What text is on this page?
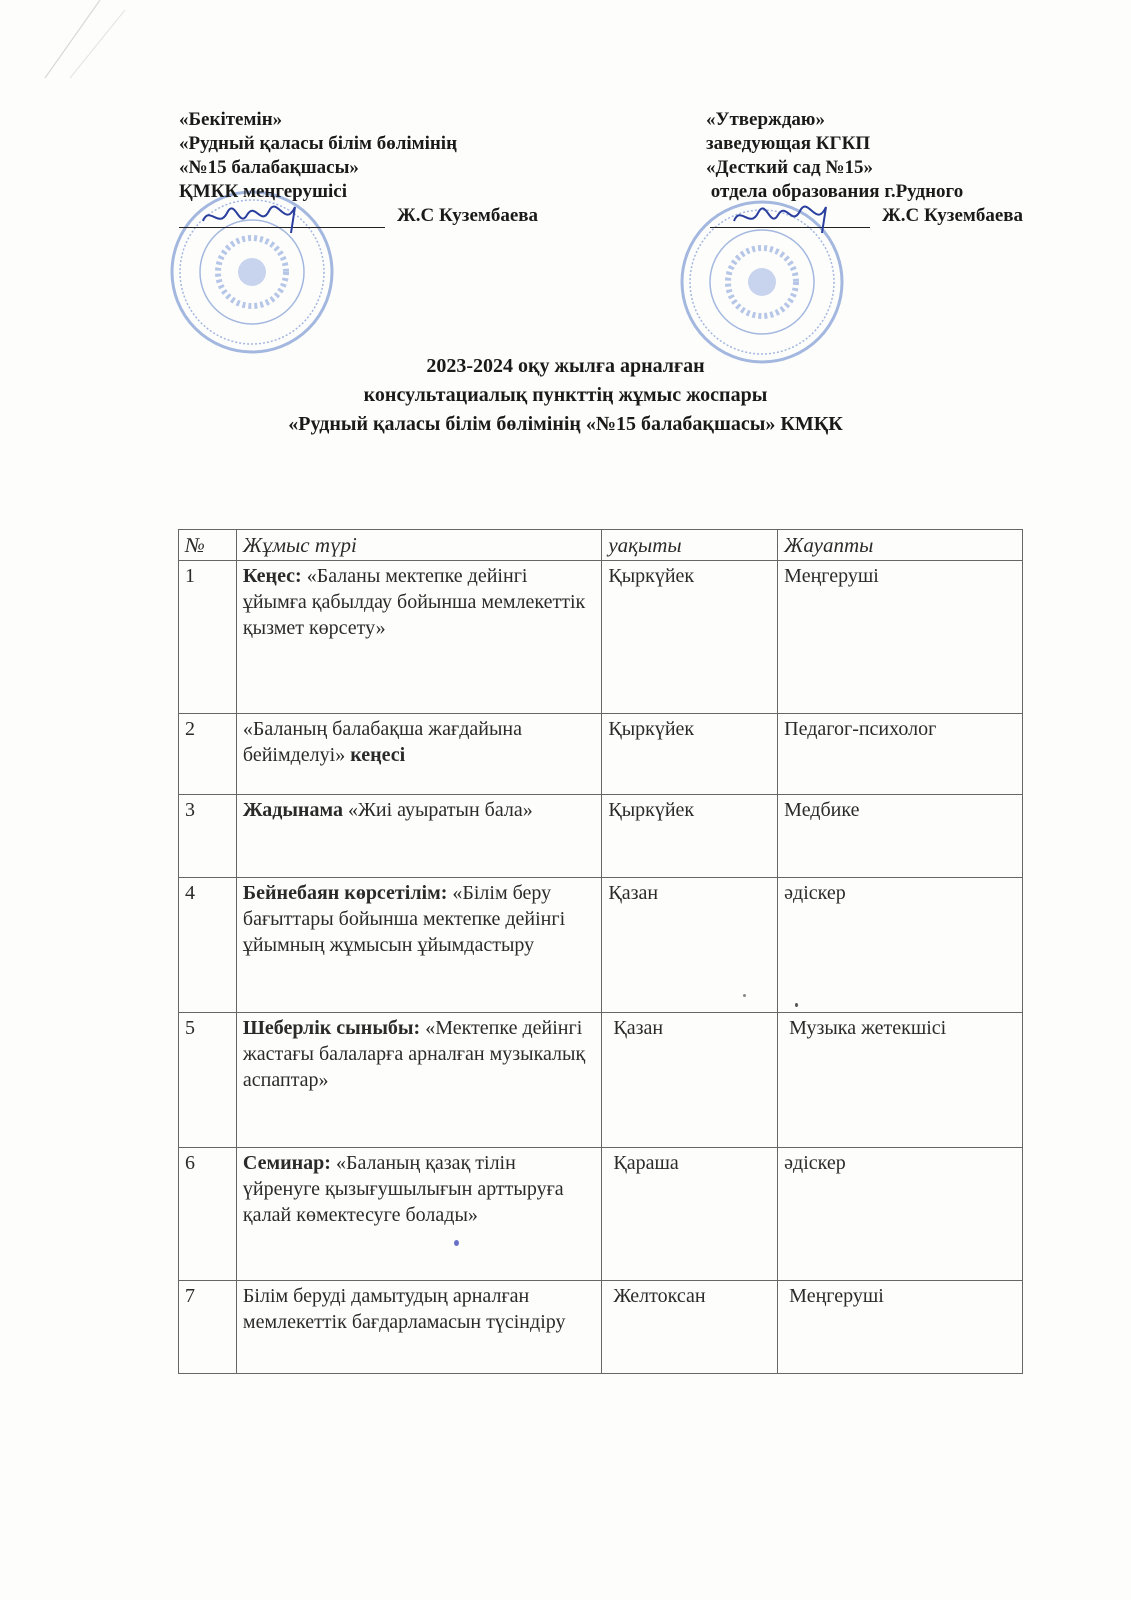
«Бекітемін»
«Рудный қаласы білім бөлімінің
«№15 балабақшасы»
ҚМКК меңгерушісі
Ж.С Кузембаева
«Утверждаю»
заведующая КГКП
«Десткий сад №15»
отдела образования г.Рудного
Ж.С Кузембаева
2023-2024 оқу жылға арналған
консультациалық пункттің жұмыс жоспары
«Рудный қаласы білім бөлімінің «№15 балабақшасы» КМҚК
№	Жұмыс түрі	уақыты	Жауапты
1	Кеңес: «Баланы мектепке дейінгі ұйымға қабылдау бойынша мемлекеттік қызмет көрсету»	Қыркүйек	Меңгеруші
2	«Баланың балабақша жағдайына бейімделуі» кеңесі	Қыркүйек	Педагог-психолог
3	Жадынама «Жиі ауыратын бала»	Қыркүйек	Медбике
4	Бейнебаян көрсетілім: «Білім беру бағыттары бойынша мектепке дейінгі ұйымның жұмысын ұйымдастыру	Қазан	әдіскер
5	Шеберлік сыныбы: «Мектепке дейінгі жастағы балаларға арналған музыкалық аспаптар»	Қазан	Музыка жетекшісі
6	Семинар: «Баланың қазақ тілін үйренуге қызығушылығын арттыруға қалай көмектесуге болады»	Қараша	әдіскер
7	Білім беруді дамытудың арналған мемлекеттік бағдарламасын түсіндіру	Желтоксан	Меңгеруші
